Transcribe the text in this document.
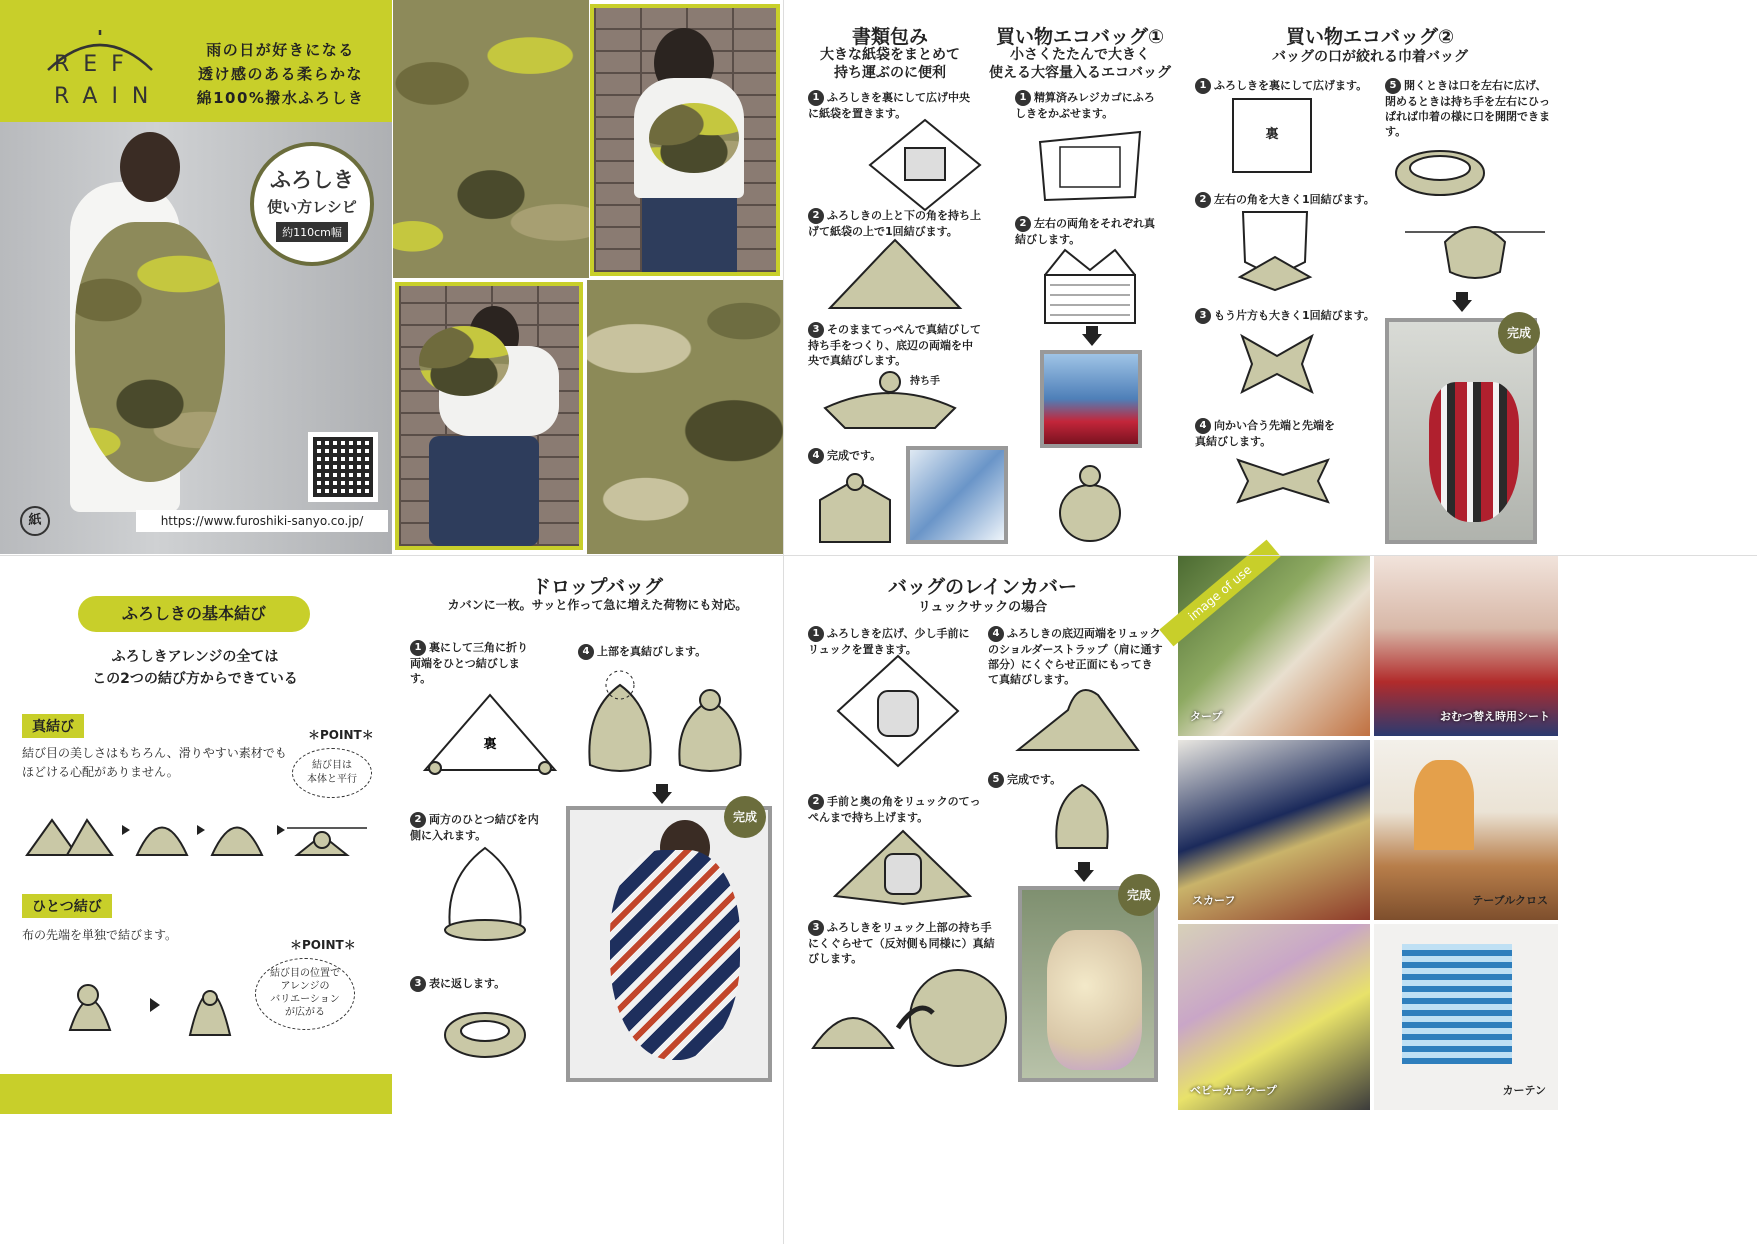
REF
RAIN
雨の日が好きになる
透け感のある柔らかな
綿100%撥水ふろしき
ふろしき
使い方レシピ
約110cm幅
紙	https://www.furoshiki-sanyo.co.jp/
書類包み
大きな紙袋をまとめて
持ち運ぶのに便利
1 ふろしきを裏にして広げ中央に紙袋を置きます。
2 ふろしきの上と下の角を持ち上げて紙袋の上で1回結びます。
3 そのままてっぺんで真結びして持ち手をつくり、底辺の両端を中央で真結びします。
持ち手
4 完成です。
買い物エコバッグ①
小さくたたんで大きく
使える大容量入るエコバッグ
1 精算済みレジカゴにふろしきをかぶせます。
2 左右の両角をそれぞれ真結びします。
買い物エコバッグ②
バッグの口が絞れる巾着バッグ
1 ふろしきを裏にして広げます。
裏
2 左右の角を大きく1回結びます。
3 もう片方も大きく1回結びます。
4 向かい合う先端と先端を真結びします。
5 開くときは口を左右に広げ、閉めるときは持ち手を左右にひっぱれば巾着の様に口を開閉できます。
完成
ふろしきの基本結び
ふろしきアレンジの全ては
この2つの結び方からできている
真結び
結び目の美しさはもちろん、滑りやすい素材でも
ほどける心配がありません。
＊POINT＊
結び目は
本体と平行
ひとつ結び
布の先端を単独で結びます。
＊POINT＊
結び目の位置で
アレンジの
バリエーション
が広がる
ドロップバッグ
カバンに一枚。サッと作って急に増えた荷物にも対応。
1 裏にして三角に折り両端をひとつ結びします。
裏
4 上部を真結びします。
2 両方のひとつ結びを内側に入れます。
3 表に返します。
完成
バッグのレインカバー
リュックサックの場合
1 ふろしきを広げ、少し手前にリュックを置きます。
2 手前と奥の角をリュックのてっぺんまで持ち上げます。
3 ふろしきをリュック上部の持ち手にくぐらせて（反対側も同様に）真結びします。
4 ふろしきの底辺両端をリュックのショルダーストラップ（肩に通す部分）にくぐらせ正面にもってきて真結びします。
5 完成です。
完成
image of use
タープ	おむつ替え時用シート
スカーフ	テーブルクロス
ベビーカーケープ	カーテン
